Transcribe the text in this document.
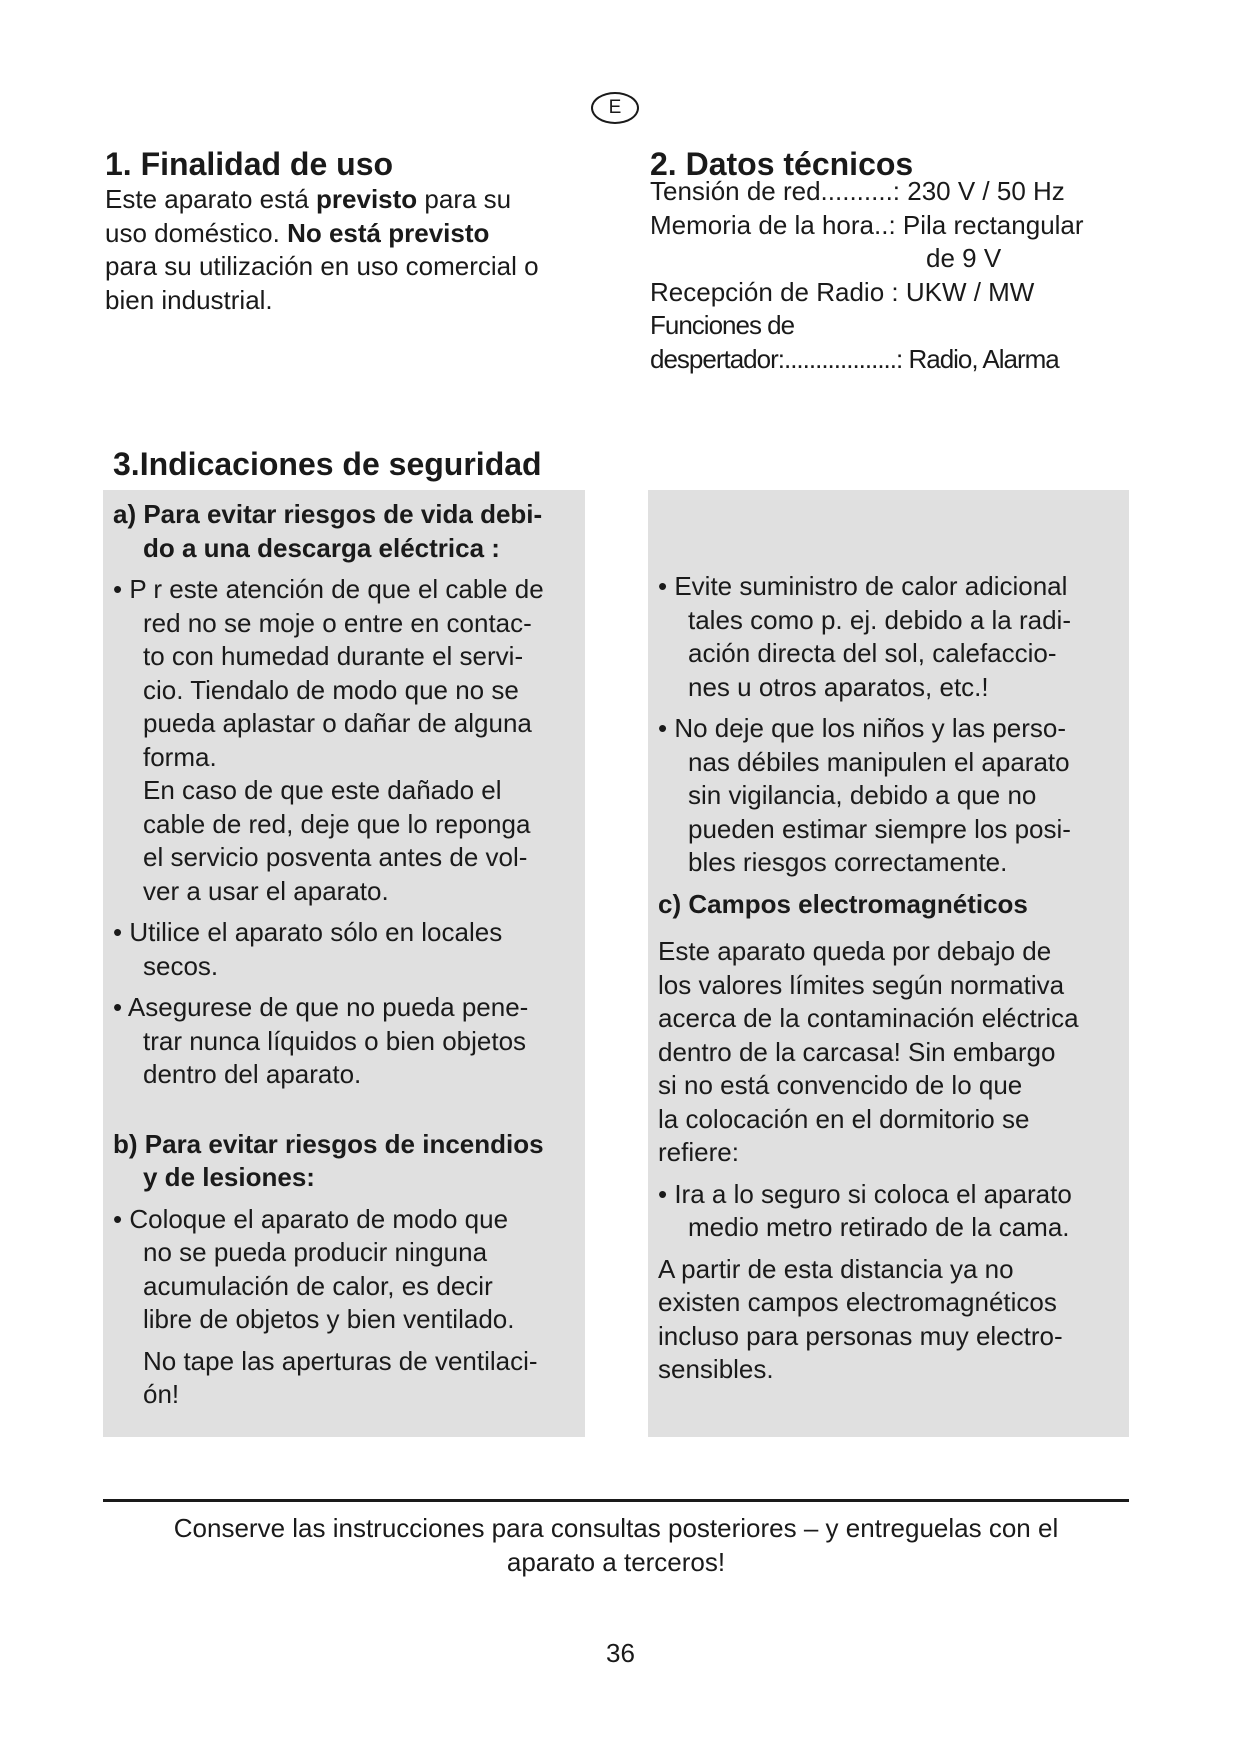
E
1. Finalidad de uso
Este aparato está previsto para su
uso doméstico. No está previsto
para su utilización en uso comercial o
bien industrial.
2. Datos técnicos
Tensión de red..........: 230 V / 50 Hz
Memoria de la hora..: Pila rectangular
de 9 V
Recepción de Radio : UKW / MW
Funciones de
despertador:..................: Radio, Alarma
3.Indicaciones de seguridad
a) Para evitar riesgos de vida debi-
do a una descarga eléctrica :
• P r este atención de que el cable de
red no se moje o entre en contac-
to con humedad durante el servi-
cio. Tiendalo de modo que no se
pueda aplastar o dañar de alguna
forma.
En caso de que este dañado el
cable de red, deje que lo reponga
el servicio posventa antes de vol-
ver a usar el aparato.
• Utilice el aparato sólo en locales
secos.
• Asegurese de que no pueda pene-
trar nunca líquidos o bien objetos
dentro del aparato.
b) Para evitar riesgos de incendios
y de lesiones:
• Coloque el aparato de modo que
no se pueda producir ninguna
acumulación de calor, es decir
libre de objetos y bien ventilado.
No tape las aperturas de ventilaci-
ón!
• Evite suministro de calor adicional
tales como p. ej. debido a la radi-
ación directa del sol, calefaccio-
nes u otros aparatos, etc.!
• No deje que los niños y las perso-
nas débiles manipulen el aparato
sin vigilancia, debido a que no
pueden estimar siempre los posi-
bles riesgos correctamente.
c) Campos electromagnéticos
Este aparato queda por debajo de
los valores límites según normativa
acerca de la contaminación eléctrica
dentro de la carcasa! Sin embargo
si no está convencido de lo que
la colocación en el dormitorio se
refiere:
• Ira a lo seguro si coloca el aparato
medio metro retirado de la cama.
A partir de esta distancia ya no
existen campos electromagnéticos
incluso para personas muy electro-
sensibles.
Conserve las instrucciones para consultas posteriores – y entreguelas con el
aparato a terceros!
36
